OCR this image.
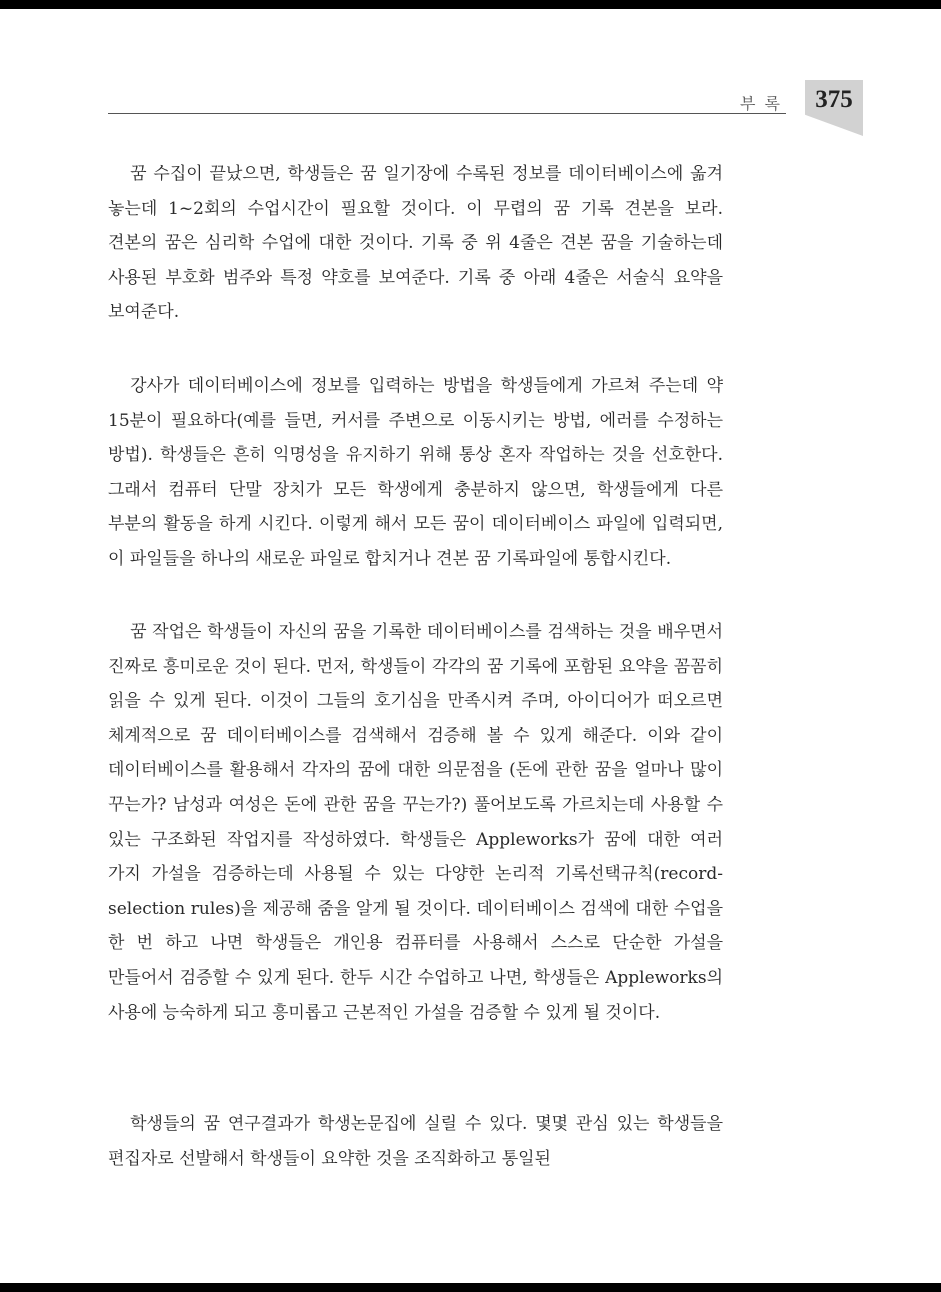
부록	375

꿈 수집이 끝났으면, 학생들은 꿈 일기장에 수록된 정보를 데이터베이스에 옮겨 놓는데 1~2회의 수업시간이 필요할 것이다. 이 무렵의 꿈 기록 견본을 보라. 견본의 꿈은 심리학 수업에 대한 것이다. 기록 중 위 4줄은 견본 꿈을 기술하는데 사용된 부호화 범주와 특정 약호를 보여준다. 기록 중 아래 4줄은 서술식 요약을 보여준다.

강사가 데이터베이스에 정보를 입력하는 방법을 학생들에게 가르쳐 주는데 약 15분이 필요하다(예를 들면, 커서를 주변으로 이동시키는 방법, 에러를 수정하는 방법). 학생들은 흔히 익명성을 유지하기 위해 통상 혼자 작업하는 것을 선호한다. 그래서 컴퓨터 단말 장치가 모든 학생에게 충분하지 않으면, 학생들에게 다른 부분의 활동을 하게 시킨다. 이렇게 해서 모든 꿈이 데이터베이스 파일에 입력되면, 이 파일들을 하나의 새로운 파일로 합치거나 견본 꿈 기록파일에 통합시킨다.

꿈 작업은 학생들이 자신의 꿈을 기록한 데이터베이스를 검색하는 것을 배우면서 진짜로 흥미로운 것이 된다. 먼저, 학생들이 각각의 꿈 기록에 포함된 요약을 꼼꼼히 읽을 수 있게 된다. 이것이 그들의 호기심을 만족시켜 주며, 아이디어가 떠오르면 체계적으로 꿈 데이터베이스를 검색해서 검증해 볼 수 있게 해준다. 이와 같이 데이터베이스를 활용해서 각자의 꿈에 대한 의문점을 (돈에 관한 꿈을 얼마나 많이 꾸는가? 남성과 여성은 돈에 관한 꿈을 꾸는가?) 풀어보도록 가르치는데 사용할 수 있는 구조화된 작업지를 작성하였다. 학생들은 Appleworks가 꿈에 대한 여러 가지 가설을 검증하는데 사용될 수 있는 다양한 논리적 기록선택규칙(record-selection rules)을 제공해 줌을 알게 될 것이다. 데이터베이스 검색에 대한 수업을 한 번 하고 나면 학생들은 개인용 컴퓨터를 사용해서 스스로 단순한 가설을 만들어서 검증할 수 있게 된다. 한두 시간 수업하고 나면, 학생들은 Appleworks의 사용에 능숙하게 되고 흥미롭고 근본적인 가설을 검증할 수 있게 될 것이다.

학생들의 꿈 연구결과가 학생논문집에 실릴 수 있다. 몇몇 관심 있는 학생들을 편집자로 선발해서 학생들이 요약한 것을 조직화하고 통일된
